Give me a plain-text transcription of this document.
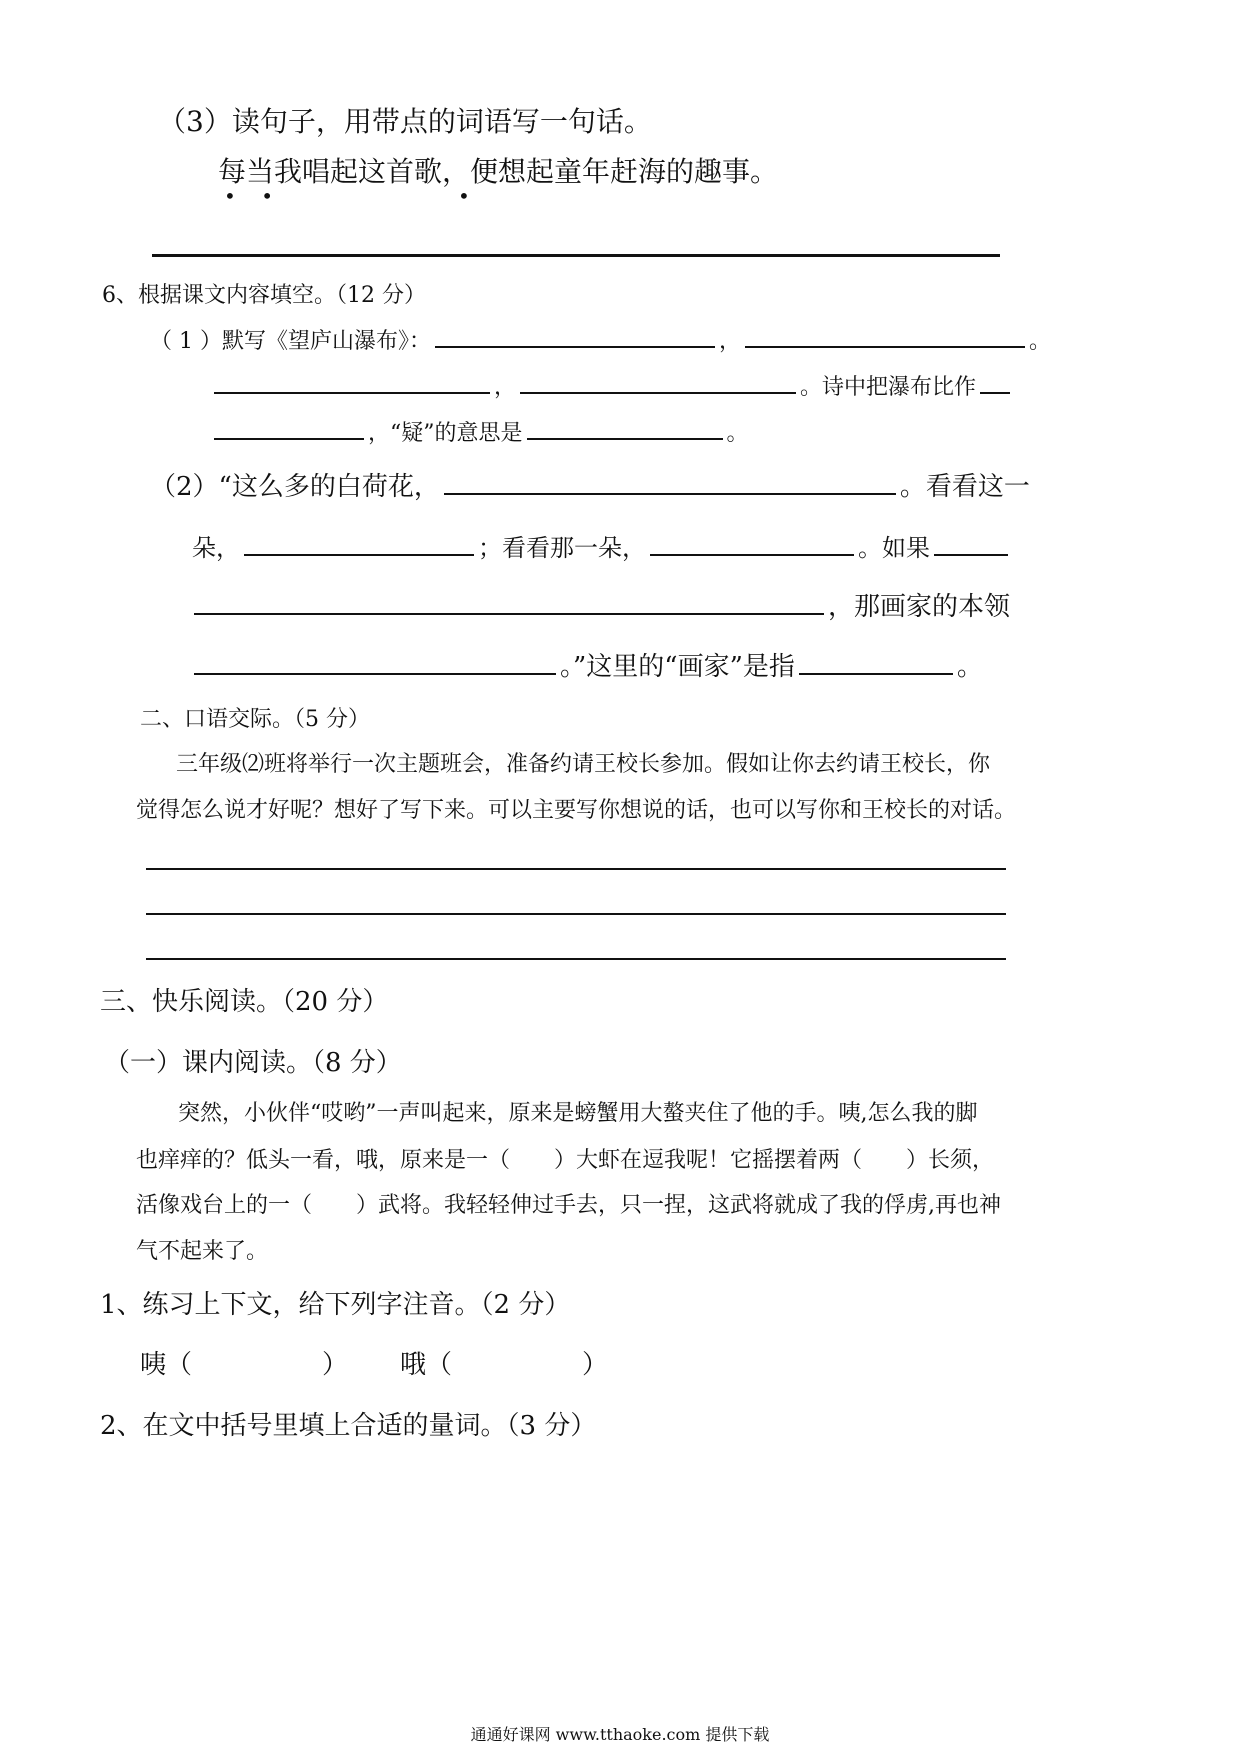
（3）读句子，用带点的词语写一句话。
每当我唱起这首歌，便想起童年赶海的趣事。
•    •	•
6、根据课文内容填空。（12 分）
（ 1 ）默写《望庐山瀑布》：	，	。
，	。诗中把瀑布比作
，“疑”的意思是	。
（2）“这么多的白荷花，	。看看这一
朵，	；看看那一朵，	。如果
，那画家的本领
。”这里的“画家”是指	。
二、口语交际。（5 分）
三年级⑵班将举行一次主题班会，准备约请王校长参加。假如让你去约请王校长，你
觉得怎么说才好呢？想好了写下来。可以主要写你想说的话，也可以写你和王校长的对话。
三、快乐阅读。（20 分）
（一）课内阅读。（8 分）
突然，小伙伴“哎哟”一声叫起来，原来是螃蟹用大螯夹住了他的手。咦,怎么我的脚
也痒痒的？低头一看，哦，原来是一（　　）大虾在逗我呢！它摇摆着两（　　）长须，
活像戏台上的一（　　）武将。我轻轻伸过手去，只一捏，这武将就成了我的俘虏,再也神
气不起来了。
1、练习上下文，给下列字注音。（2 分）
咦（　　　　　） 哦（　　　　　）
2、在文中括号里填上合适的量词。（3 分）
通通好课网 www.tthaoke.com 提供下载
